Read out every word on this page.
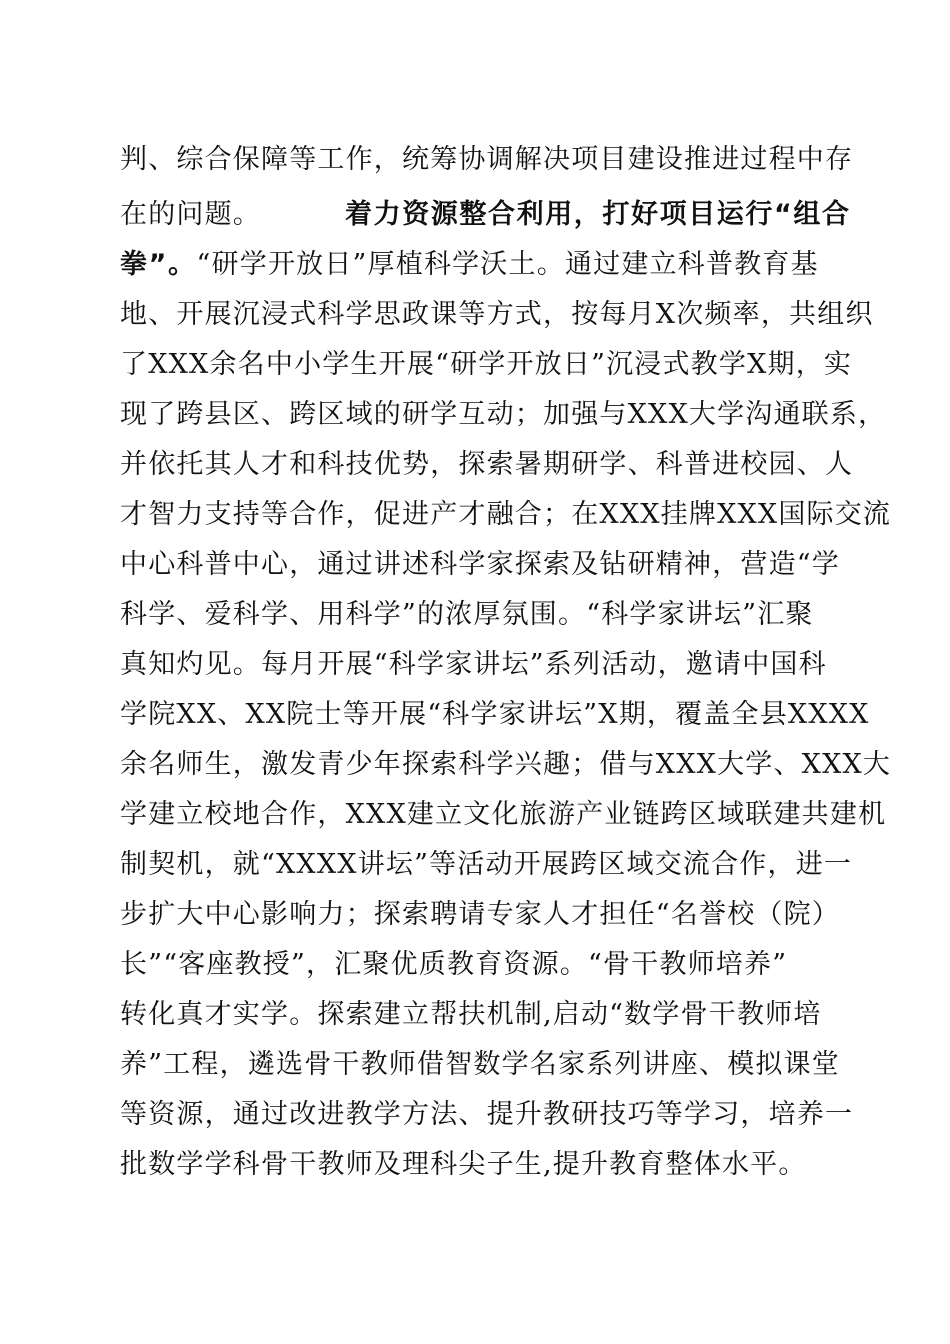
判、综合保障等工作，统筹协调解决项目建设推进过程中存
在的问题。	着力资源整合利用，打好项目运行“组合
拳”。“研学开放日”厚植科学沃土。通过建立科普教育基
地、开展沉浸式科学思政课等方式，按每月X次频率，共组织
了XXX余名中小学生开展“研学开放日”沉浸式教学X期，实
现了跨县区、跨区域的研学互动；加强与XXX大学沟通联系，
并依托其人才和科技优势，探索暑期研学、科普进校园、人
才智力支持等合作，促进产才融合；在XXX挂牌XXX国际交流
中心科普中心，通过讲述科学家探索及钻研精神，营造“学
科学、爱科学、用科学”的浓厚氛围。“科学家讲坛”汇聚
真知灼见。每月开展“科学家讲坛”系列活动，邀请中国科
学院XX、XX院士等开展“科学家讲坛”X期，覆盖全县XXXX
余名师生，激发青少年探索科学兴趣；借与XXX大学、XXX大
学建立校地合作，XXX建立文化旅游产业链跨区域联建共建机
制契机，就“XXXX讲坛”等活动开展跨区域交流合作，进一
步扩大中心影响力；探索聘请专家人才担任“名誉校（院）
长”“客座教授”，汇聚优质教育资源。“骨干教师培养”
转化真才实学。探索建立帮扶机制,启动“数学骨干教师培
养”工程，遴选骨干教师借智数学名家系列讲座、模拟课堂
等资源，通过改进教学方法、提升教研技巧等学习，培养一
批数学学科骨干教师及理科尖子生,提升教育整体水平。
